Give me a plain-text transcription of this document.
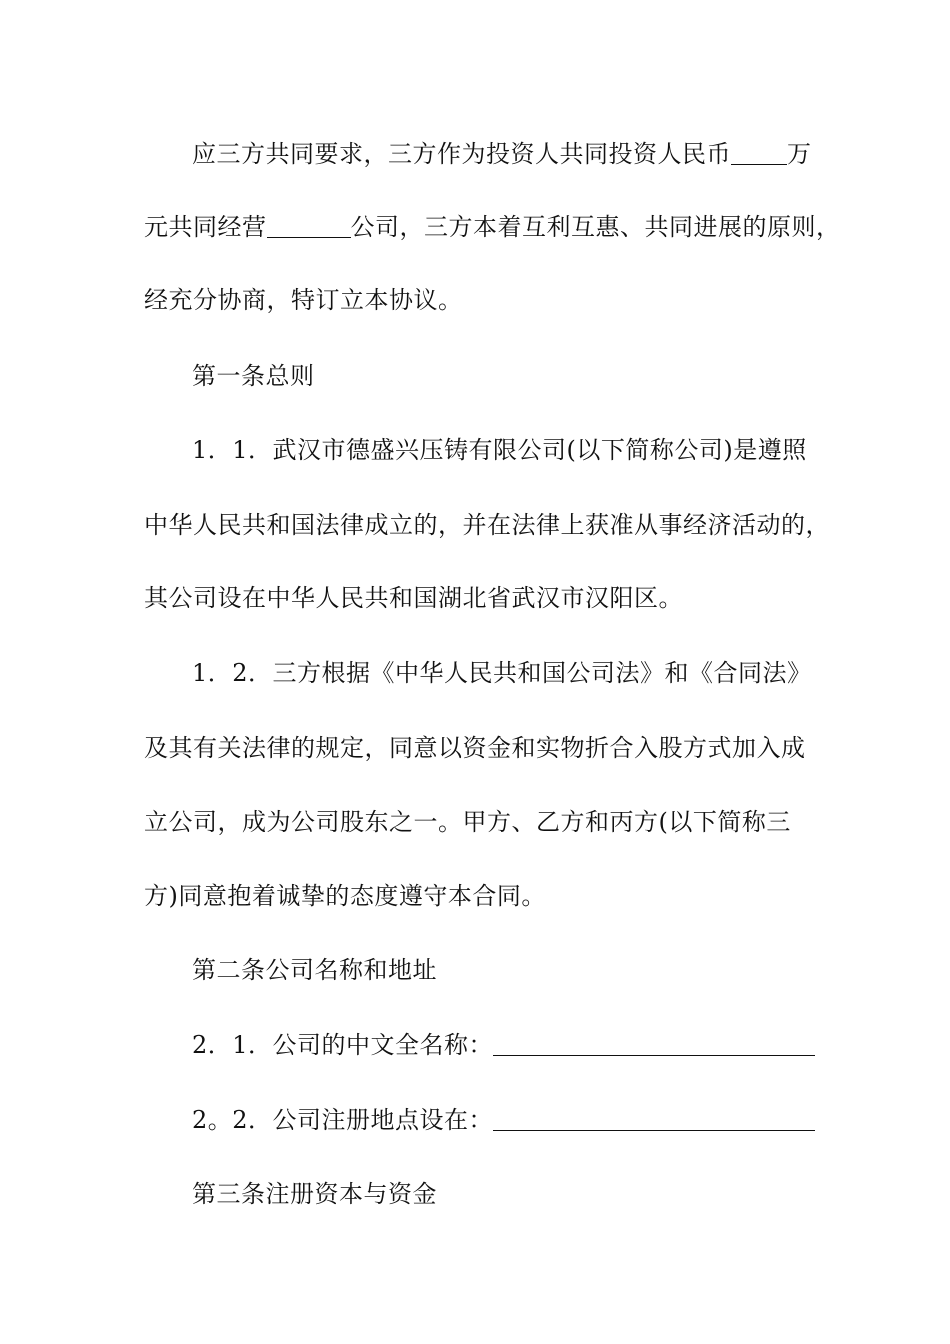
应三方共同要求，三方作为投资人共同投资人民币 万
元共同经营	公司，三方本着互利互惠、共同进展的原则，
经充分协商，特订立本协议。
第一条总则
1．1．武汉市德盛兴压铸有限公司(以下简称公司)是遵照
中华人民共和国法律成立的，并在法律上获准从事经济活动的，
其公司设在中华人民共和国湖北省武汉市汉阳区。
1．2．三方根据《中华人民共和国公司法》和《合同法》
及其有关法律的规定，同意以资金和实物折合入股方式加入成
立公司，成为公司股东之一。甲方、乙方和丙方(以下简称三
方)同意抱着诚挚的态度遵守本合同。
第二条公司名称和地址
2．1．公司的中文全名称：
2。2．公司注册地点设在：
第三条注册资本与资金
